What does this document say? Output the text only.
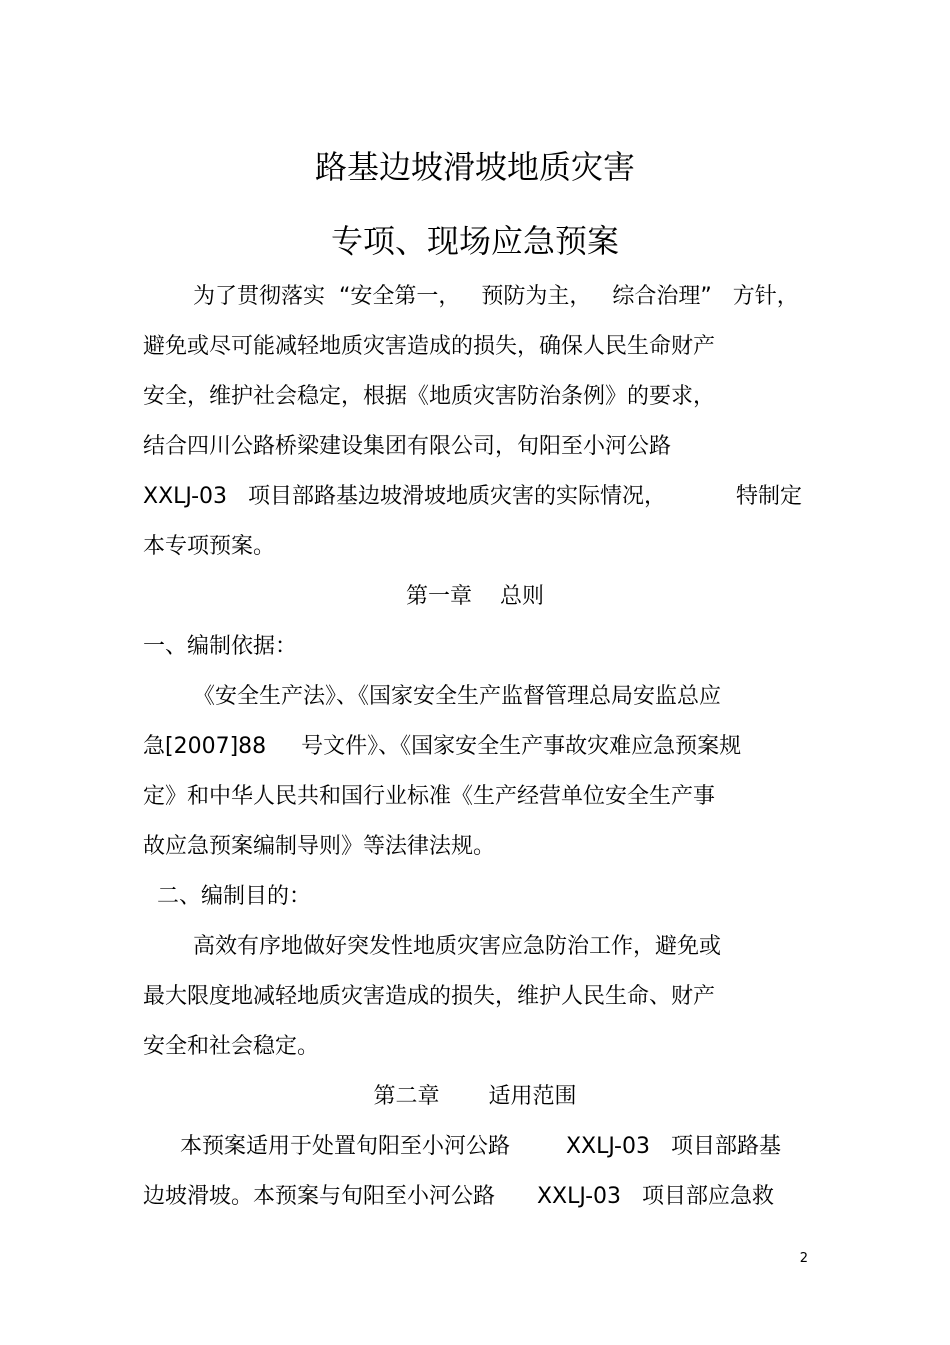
路基边坡滑坡地质灾害
专项、现场应急预案
为了贯彻落实  “安全第一，   预防为主，   综合治理”   方针，
避免或尽可能减轻地质灾害造成的损失，确保人民生命财产
安全，维护社会稳定，根据《地质灾害防治条例》的要求，
结合四川公路桥梁建设集团有限公司，旬阳至小河公路
XXLJ-03   项目部路基边坡滑坡地质灾害的实际情况，          特制定
本专项预案。
第一章    总则
一、编制依据：
《安全生产法》、《国家安全生产监督管理总局安监总应
急[2007]88     号文件》、《国家安全生产事故灾难应急预案规
定》和中华人民共和国行业标准《生产经营单位安全生产事
故应急预案编制导则》等法律法规。
二、编制目的：
高效有序地做好突发性地质灾害应急防治工作，避免或
最大限度地减轻地质灾害造成的损失，维护人民生命、财产
安全和社会稳定。
第二章       适用范围
本预案适用于处置旬阳至小河公路        XXLJ-03   项目部路基
边坡滑坡。本预案与旬阳至小河公路      XXLJ-03   项目部应急救
2
